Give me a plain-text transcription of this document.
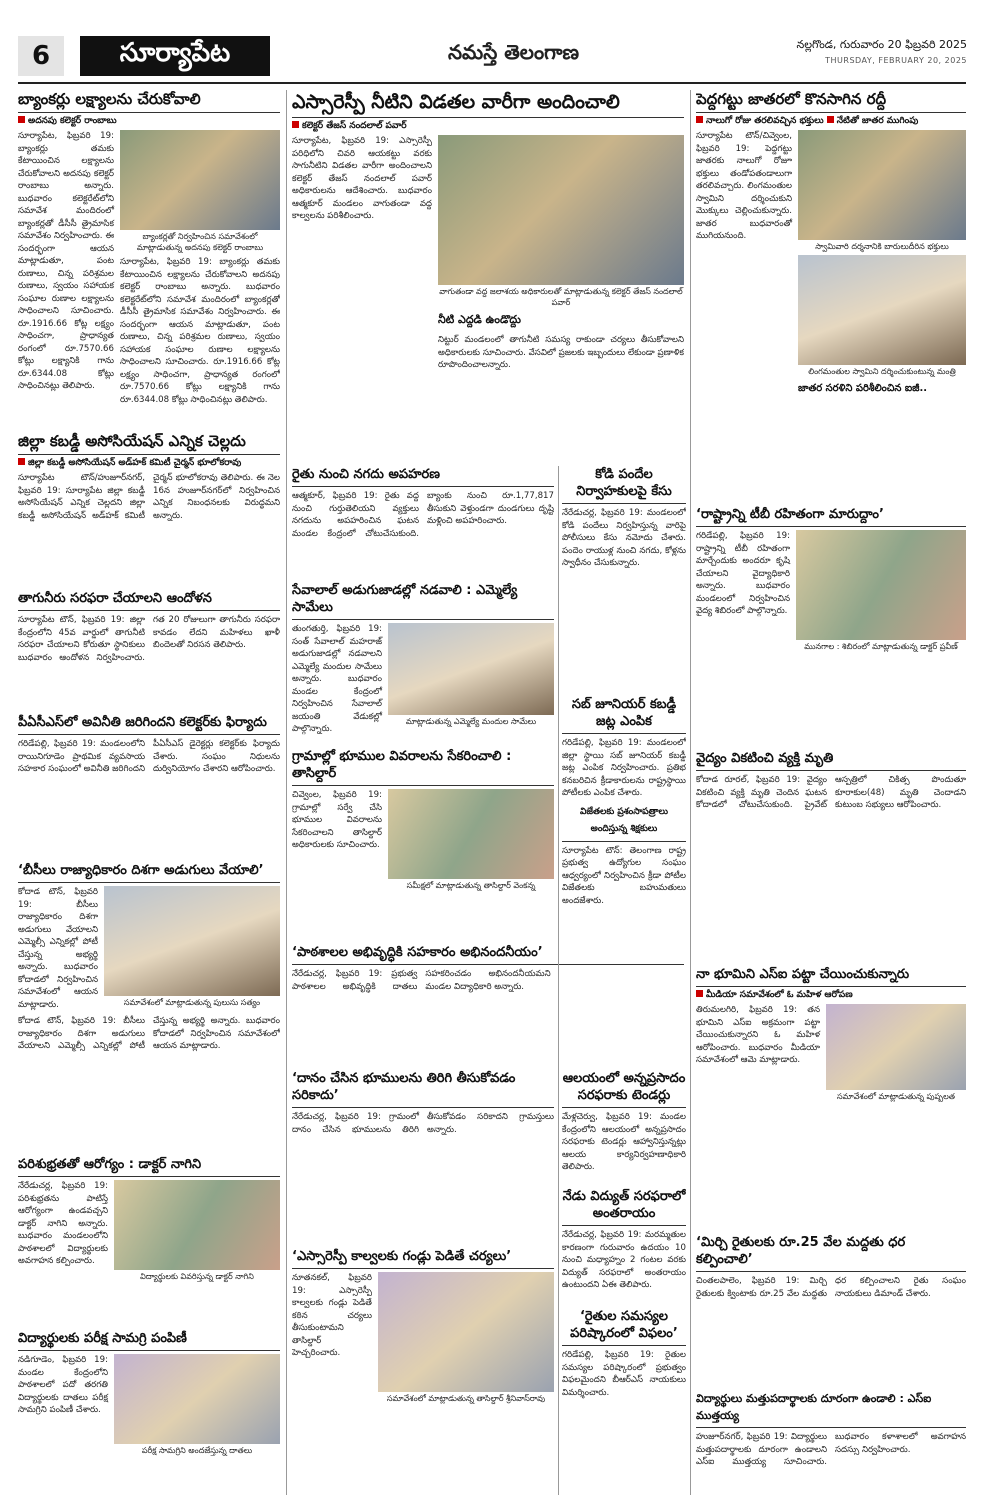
6	సూర్యాపేట	నమస్తే తెలంగాణ	నల్లగొండ, గురువారం 20 ఫిబ్రవరి 2025
THURSDAY, FEBRUARY 20, 2025
బ్యాంకర్లు లక్ష్యాలను చేరుకోవాలి
అదనపు కలెక్టర్ రాంబాబు
సూర్యాపేట, ఫిబ్రవరి 19: బ్యాంకర్లు తమకు కేటాయించిన లక్ష్యాలను చేరుకోవాలని అదనపు కలెక్టర్ రాంబాబు అన్నారు. బుధవారం కలెక్టరేట్‌లోని సమావేశ మందిరంలో బ్యాంకర్లతో డీసీసీ త్రైమాసిక సమావేశం నిర్వహించారు. ఈ సందర్భంగా ఆయన మాట్లాడుతూ, పంట రుణాలు, చిన్న పరిశ్రమల రుణాలు, స్వయం సహాయక సంఘాల రుణాల లక్ష్యాలను సాధించాలని సూచించారు. రూ.1916.66 కోట్ల లక్ష్యం సాధించగా, ప్రాధాన్యత రంగంలో రూ.7570.66 కోట్లు లక్ష్యానికి గాను రూ.6344.08 కోట్లు సాధించినట్లు తెలిపారు.
బ్యాంకర్లతో నిర్వహించిన సమావేశంలో మాట్లాడుతున్న అదనపు కలెక్టర్ రాంబాబు
సూర్యాపేట, ఫిబ్రవరి 19: బ్యాంకర్లు తమకు కేటాయించిన లక్ష్యాలను చేరుకోవాలని అదనపు కలెక్టర్ రాంబాబు అన్నారు. బుధవారం కలెక్టరేట్‌లోని సమావేశ మందిరంలో బ్యాంకర్లతో డీసీసీ త్రైమాసిక సమావేశం నిర్వహించారు. ఈ సందర్భంగా ఆయన మాట్లాడుతూ, పంట రుణాలు, చిన్న పరిశ్రమల రుణాలు, స్వయం సహాయక సంఘాల రుణాల లక్ష్యాలను సాధించాలని సూచించారు. రూ.1916.66 కోట్ల లక్ష్యం సాధించగా, ప్రాధాన్యత రంగంలో రూ.7570.66 కోట్లు లక్ష్యానికి గాను రూ.6344.08 కోట్లు సాధించినట్లు తెలిపారు.
జిల్లా కబడ్డీ అసోసియేషన్ ఎన్నిక చెల్లదు
జిల్లా కబడ్డీ అసోసియేషన్ అడ్‌హక్ కమిటీ చైర్మన్ భూలోకరావు
సూర్యాపేట టౌన్/హుజూర్‌నగర్, ఫిబ్రవరి 19: సూర్యాపేట జిల్లా కబడ్డీ అసోసియేషన్ ఎన్నిక చెల్లదని జిల్లా కబడ్డీ అసోసియేషన్ అడ్‌హక్ కమిటీ చైర్మన్ భూలోకరావు తెలిపారు. ఈ నెల 16న హుజూర్‌నగర్‌లో నిర్వహించిన ఎన్నిక నిబంధనలకు విరుద్ధమని అన్నారు.
తాగునీరు సరఫరా చేయాలని ఆందోళన
సూర్యాపేట టౌన్, ఫిబ్రవరి 19: జిల్లా కేంద్రంలోని 45వ వార్డులో తాగునీటి సరఫరా చేయాలని కోరుతూ స్థానికులు బుధవారం ఆందోళన నిర్వహించారు. గత 20 రోజులుగా తాగునీరు సరఫరా కావడం లేదని మహిళలు ఖాళీ బిందెలతో నిరసన తెలిపారు.
పీఏసీఎస్‌లో అవినీతి జరిగిందని కలెక్టర్‌కు ఫిర్యాదు
గరిడేపల్లి, ఫిబ్రవరి 19: మండలంలోని రాయినిగూడెం ప్రాథమిక వ్యవసాయ సహకార సంఘంలో అవినీతి జరిగిందని పీఏసీఎస్ డైరెక్టర్లు కలెక్టర్‌కు ఫిర్యాదు చేశారు. సంఘం నిధులను దుర్వినియోగం చేశారని ఆరోపించారు.
‘బీసీలు రాజ్యాధికారం దిశగా అడుగులు వేయాలి’
కోదాడ టౌన్, ఫిబ్రవరి 19: బీసీలు రాజ్యాధికారం దిశగా అడుగులు వేయాలని ఎమ్మెల్సీ ఎన్నికల్లో పోటీ చేస్తున్న అభ్యర్థి అన్నారు. బుధవారం కోదాడలో నిర్వహించిన సమావేశంలో ఆయన మాట్లాడారు.	సమావేశంలో మాట్లాడుతున్న పులుసు సత్యం
కోదాడ టౌన్, ఫిబ్రవరి 19: బీసీలు రాజ్యాధికారం దిశగా అడుగులు వేయాలని ఎమ్మెల్సీ ఎన్నికల్లో పోటీ చేస్తున్న అభ్యర్థి అన్నారు. బుధవారం కోదాడలో నిర్వహించిన సమావేశంలో ఆయన మాట్లాడారు.
పరిశుభ్రతతో ఆరోగ్యం : డాక్టర్ నాగిని
నేరేడుచర్ల, ఫిబ్రవరి 19: పరిశుభ్రతను పాటిస్తే ఆరోగ్యంగా ఉండవచ్చని డాక్టర్ నాగిని అన్నారు. బుధవారం మండలంలోని పాఠశాలలో విద్యార్థులకు అవగాహన కల్పించారు.
విద్యార్థులకు వివరిస్తున్న డాక్టర్ నాగిని
విద్యార్థులకు పరీక్ష సామగ్రి పంపిణీ
నడిగూడెం, ఫిబ్రవరి 19: మండల కేంద్రంలోని పాఠశాలలో పదో తరగతి విద్యార్థులకు దాతలు పరీక్ష సామగ్రిని పంపిణీ చేశారు.
పరీక్ష సామగ్రిని అందజేస్తున్న దాతలు
ఎస్సారెస్పీ నీటిని విడతల వారీగా అందించాలి
కలెక్టర్ తేజస్ నందలాల్ పవార్
సూర్యాపేట, ఫిబ్రవరి 19: ఎస్సారెస్పీ పరిధిలోని చివరి ఆయకట్టు వరకు సాగునీటిని విడతల వారీగా అందించాలని కలెక్టర్ తేజస్ నందలాల్ పవార్ అధికారులను ఆదేశించారు. బుధవారం ఆత్మకూర్ మండలం వాగుతండా వద్ద కాల్వలను పరిశీలించారు.
వాగుతండా వద్ద జలాశయ అధికారులతో మాట్లాడుతున్న కలెక్టర్ తేజస్ నందలాల్ పవార్
నీటి ఎద్దడి ఉండొద్దు
నిట్టుర్ మండలంలో తాగునీటి సమస్య రాకుండా చర్యలు తీసుకోవాలని అధికారులకు సూచించారు. వేసవిలో ప్రజలకు ఇబ్బందులు లేకుండా ప్రణాళిక రూపొందించాలన్నారు.
రైతు నుంచి నగదు అపహరణ
ఆత్మకూర్, ఫిబ్రవరి 19: రైతు వద్ద నుంచి గుర్తుతెలియని వ్యక్తులు నగదును అపహరించిన ఘటన మండల కేంద్రంలో చోటుచేసుకుంది. బ్యాంకు నుంచి రూ.1,77,817 తీసుకుని వెళ్తుండగా దుండగులు దృష్టి మళ్లించి అపహరించారు.
సేవాలాల్ అడుగుజాడల్లో నడవాలి : ఎమ్మెల్యే సామేలు
తుంగతుర్తి, ఫిబ్రవరి 19: సంత్ సేవాలాల్ మహరాజ్ అడుగుజాడల్లో నడవాలని ఎమ్మెల్యే మందుల సామేలు అన్నారు. బుధవారం మండల కేంద్రంలో నిర్వహించిన సేవాలాల్ జయంతి వేడుకల్లో పాల్గొన్నారు.
మాట్లాడుతున్న ఎమ్మెల్యే మందుల సామేలు
గ్రామాల్లో భూముల వివరాలను సేకరించాలి : తాసిల్దార్
చివ్వెంల, ఫిబ్రవరి 19: గ్రామాల్లో సర్వే చేసి భూముల వివరాలను సేకరించాలని తాసిల్దార్ అధికారులకు సూచించారు.
సమీక్షలో మాట్లాడుతున్న తాసిల్దార్ వెంకన్న
‘పాఠశాలల అభివృద్ధికి సహకారం అభినందనీయం’
నేరేడుచర్ల, ఫిబ్రవరి 19: ప్రభుత్వ పాఠశాలల అభివృద్ధికి దాతలు సహకరించడం అభినందనీయమని మండల విద్యాధికారి అన్నారు.
‘దానం చేసిన భూములను తిరిగి తీసుకోవడం సరికాదు’
నేరేడుచర్ల, ఫిబ్రవరి 19: గ్రామంలో దానం చేసిన భూములను తిరిగి తీసుకోవడం సరికాదని గ్రామస్తులు అన్నారు.
‘ఎస్సారెస్పీ కాల్వలకు గండ్లు పెడితే చర్యలు’
నూతనకల్, ఫిబ్రవరి 19: ఎస్సారెస్పీ కాల్వలకు గండ్లు పెడితే కఠిన చర్యలు తీసుకుంటామని తాసిల్దార్ హెచ్చరించారు.
సమావేశంలో మాట్లాడుతున్న తాసిల్దార్ శ్రీనివాస్‌రావు
కోడి పందేల నిర్వాహకులపై కేసు
నేరేడుచర్ల, ఫిబ్రవరి 19: మండలంలో కోడి పందేలు నిర్వహిస్తున్న వారిపై పోలీసులు కేసు నమోదు చేశారు. పందెం రాయుళ్ల నుంచి నగదు, కోళ్లను స్వాధీనం చేసుకున్నారు.
సబ్ జూనియర్ కబడ్డీ జట్ల ఎంపిక
గరిడేపల్లి, ఫిబ్రవరి 19: మండలంలో జిల్లా స్థాయి సబ్ జూనియర్ కబడ్డీ జట్ల ఎంపిక నిర్వహించారు. ప్రతిభ కనబరిచిన క్రీడాకారులను రాష్ట్రస్థాయి పోటీలకు ఎంపిక చేశారు.
విజేతలకు ప్రశంసాపత్రాలు అందిస్తున్న శిక్షకులు
సూర్యాపేట టౌన్: తెలంగాణ రాష్ట్ర ప్రభుత్వ ఉద్యోగుల సంఘం ఆధ్వర్యంలో నిర్వహించిన క్రీడా పోటీల విజేతలకు బహుమతులు అందజేశారు.
ఆలయంలో అన్నప్రసాదం సరఫరాకు టెండర్లు
మేళ్లచెర్వు, ఫిబ్రవరి 19: మండల కేంద్రంలోని ఆలయంలో అన్నప్రసాదం సరఫరాకు టెండర్లు ఆహ్వానిస్తున్నట్లు ఆలయ కార్యనిర్వహణాధికారి తెలిపారు.
నేడు విద్యుత్ సరఫరాలో అంతరాయం
నేరేడుచర్ల, ఫిబ్రవరి 19: మరమ్మతుల కారణంగా గురువారం ఉదయం 10 నుంచి మధ్యాహ్నం 2 గంటల వరకు విద్యుత్ సరఫరాలో అంతరాయం ఉంటుందని ఏఈ తెలిపారు.
‘రైతుల సమస్యల పరిష్కారంలో విఫలం’
గరిడేపల్లి, ఫిబ్రవరి 19: రైతుల సమస్యల పరిష్కారంలో ప్రభుత్వం విఫలమైందని బీఆర్‌ఎస్ నాయకులు విమర్శించారు.
పెద్దగట్టు జాతరలో కొనసాగిన రద్దీ
నాలుగో రోజు తరలివచ్చిన భక్తులు నేటితో జాతర ముగింపు
సూర్యాపేట టౌన్/చివ్వెంల, ఫిబ్రవరి 19: పెద్దగట్టు జాతరకు నాలుగో రోజూ భక్తులు తండోపతండాలుగా తరలివచ్చారు. లింగమంతుల స్వామిని దర్శించుకుని మొక్కులు చెల్లించుకున్నారు. జాతర బుధవారంతో ముగియనుంది.
స్వామివారి దర్శనానికి బారులుదీరిన భక్తులు
లింగమంతుల స్వామిని దర్శించుకుంటున్న మంత్రి
జాతర సరళిని పరిశీలించిన ఐజీ..
‘రాష్ట్రాన్ని టీబీ రహితంగా మారుద్దాం’
గరిడేపల్లి, ఫిబ్రవరి 19: రాష్ట్రాన్ని టీబీ రహితంగా మార్చేందుకు అందరూ కృషి చేయాలని వైద్యాధికారి అన్నారు. బుధవారం మండలంలో నిర్వహించిన వైద్య శిబిరంలో పాల్గొన్నారు.
మునగాల : శిబిరంలో మాట్లాడుతున్న డాక్టర్ ప్రవీణ్
వైద్యం వికటించి వ్యక్తి మృతి
కోదాడ రూరల్, ఫిబ్రవరి 19: వైద్యం వికటించి వ్యక్తి మృతి చెందిన ఘటన కోదాడలో చోటుచేసుకుంది. ప్రైవేట్ ఆస్పత్రిలో చికిత్స పొందుతూ కూరాకుల(48) మృతి చెందాడని కుటుంబ సభ్యులు ఆరోపించారు.
నా భూమిని ఎస్‌ఐ పట్టా చేయించుకున్నారు
మీడియా సమావేశంలో ఓ మహిళ ఆరోపణ
తిరుమలగిరి, ఫిబ్రవరి 19: తన భూమిని ఎస్‌ఐ అక్రమంగా పట్టా చేయించుకున్నారని ఓ మహిళ ఆరోపించారు. బుధవారం మీడియా సమావేశంలో ఆమె మాట్లాడారు.
సమావేశంలో మాట్లాడుతున్న పుష్పలత
‘మిర్చి రైతులకు రూ.25 వేల మద్దతు ధర కల్పించాలి’
చింతలపాలెం, ఫిబ్రవరి 19: మిర్చి రైతులకు క్వింటాకు రూ.25 వేల మద్దతు ధర కల్పించాలని రైతు సంఘం నాయకులు డిమాండ్ చేశారు.
విద్యార్థులు మత్తుపదార్థాలకు దూరంగా ఉండాలి : ఎస్‌ఐ ముత్తయ్య
హుజూర్‌నగర్, ఫిబ్రవరి 19: విద్యార్థులు మత్తుపదార్థాలకు దూరంగా ఉండాలని ఎస్‌ఐ ముత్తయ్య సూచించారు. బుధవారం కళాశాలలో అవగాహన సదస్సు నిర్వహించారు.
